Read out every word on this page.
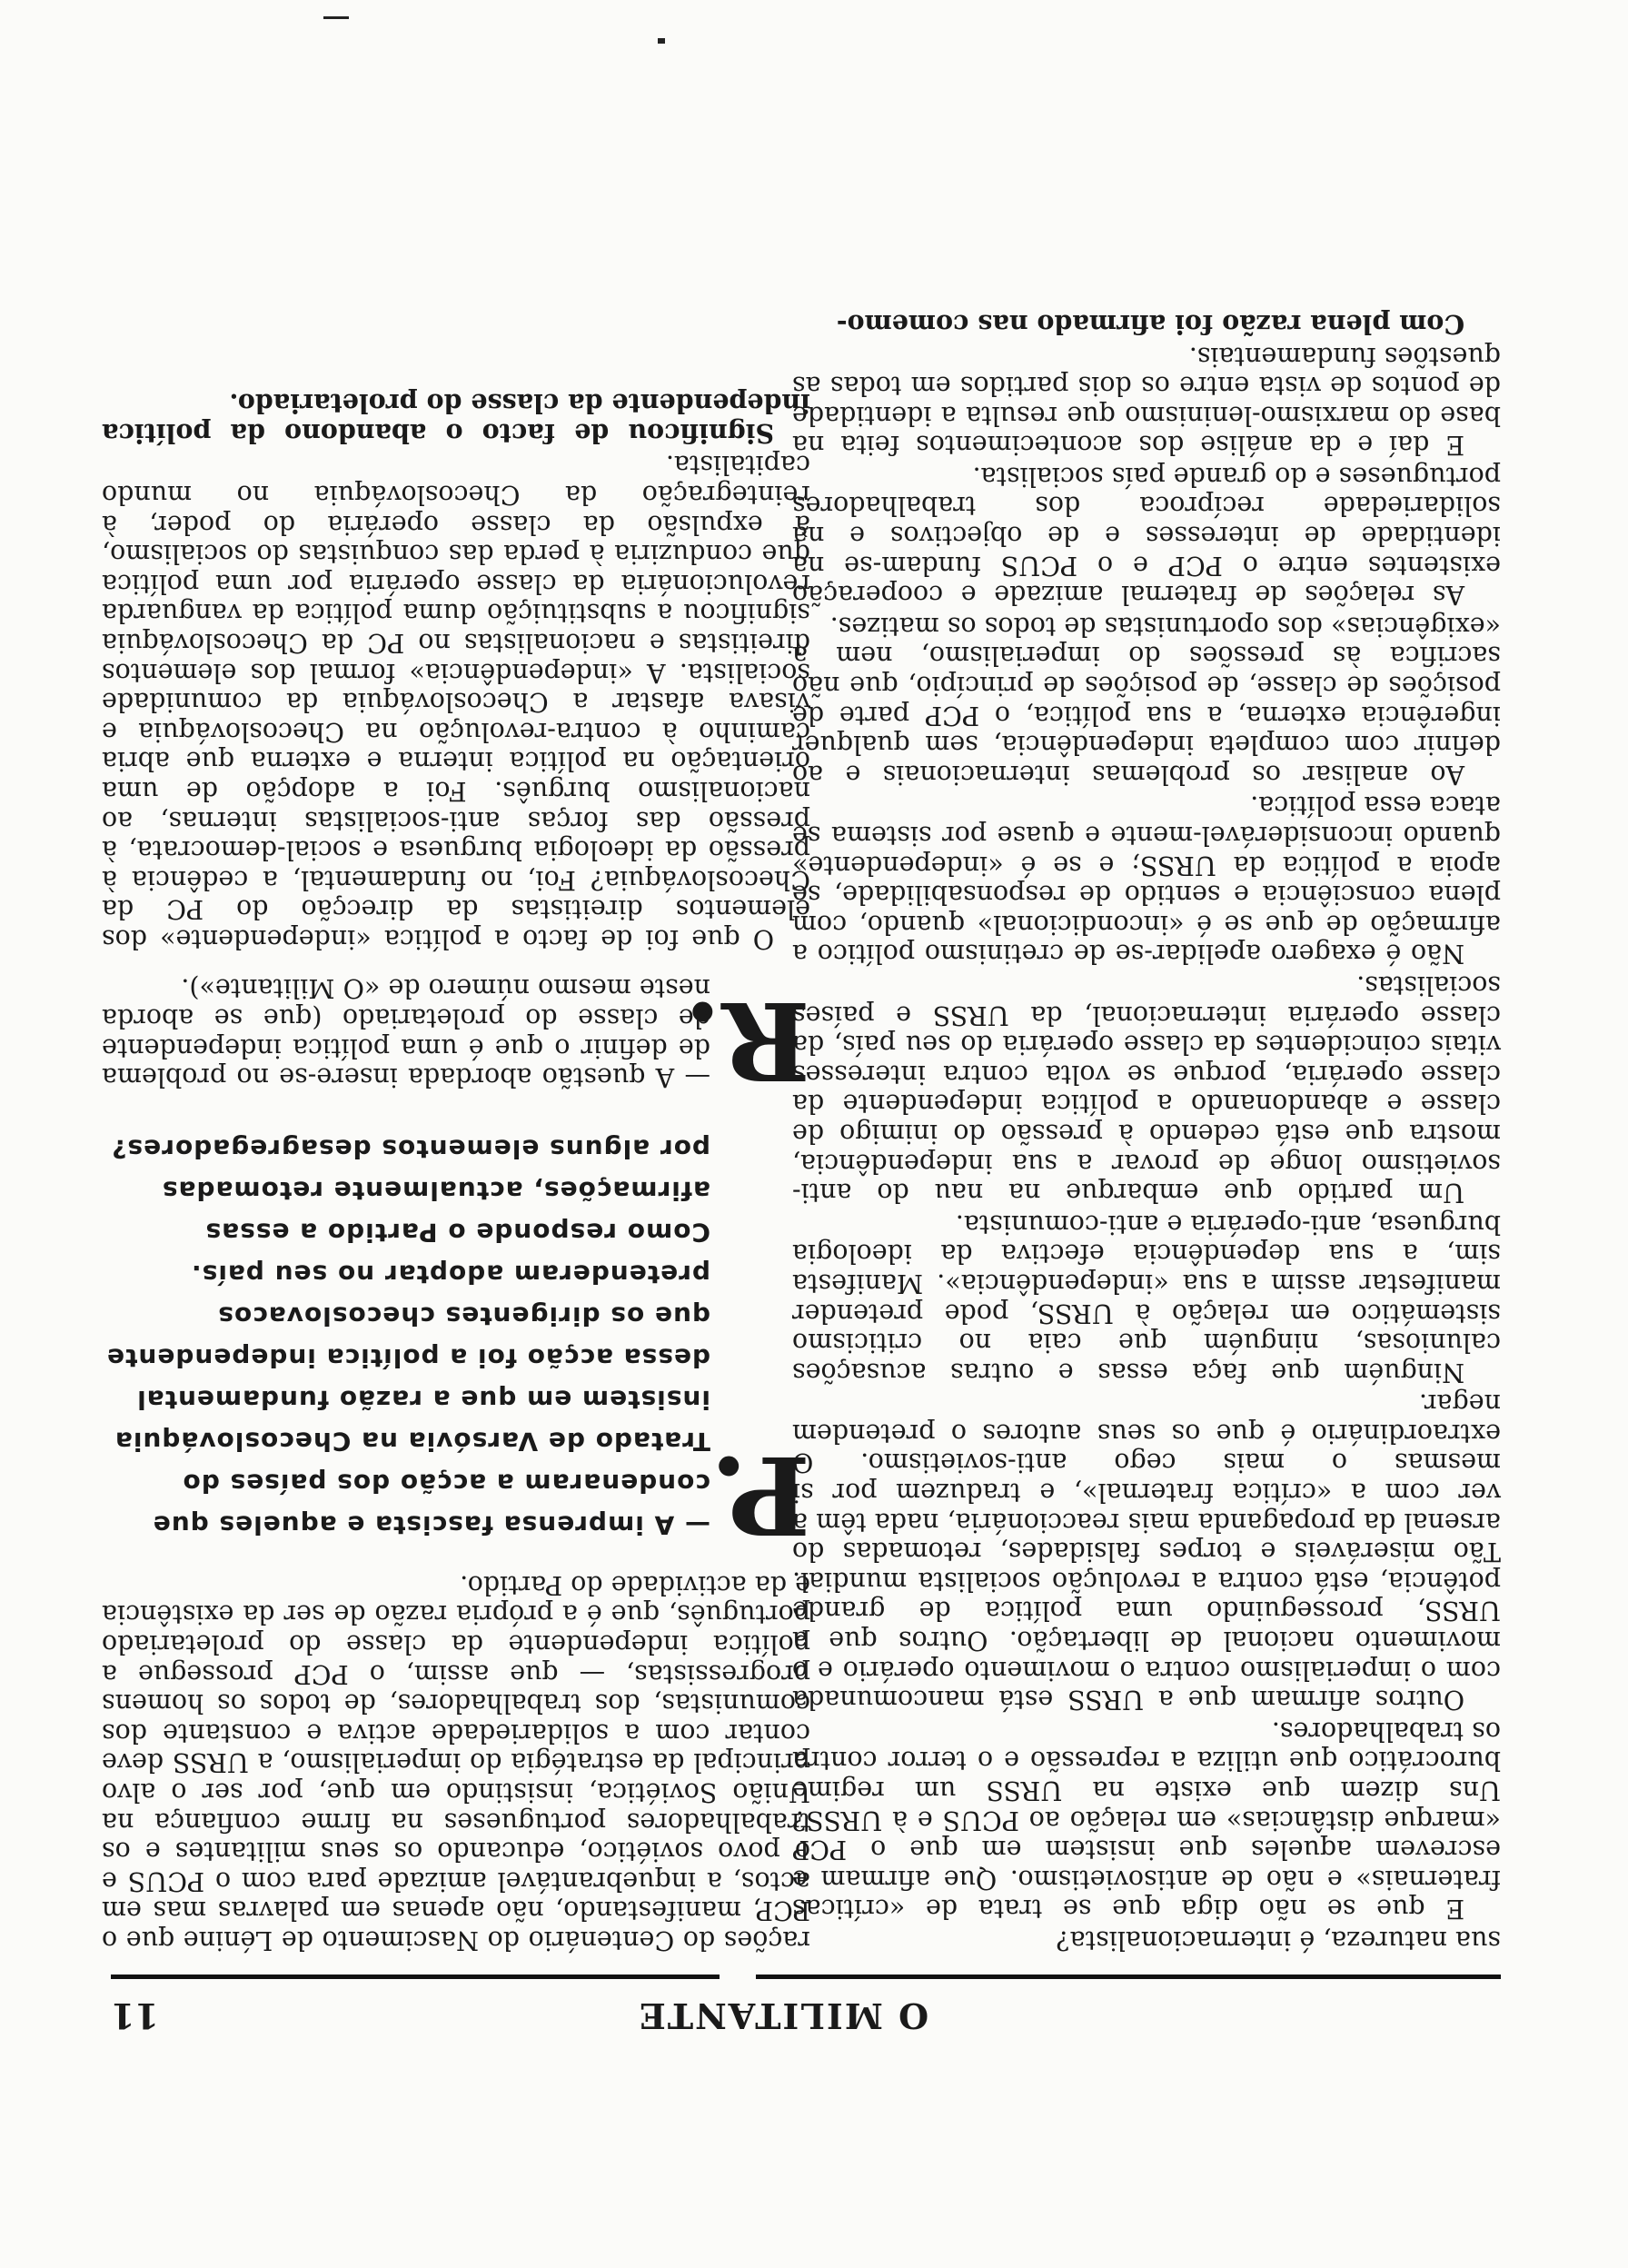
O MILITANTE
11

sua natureza, é internacionalista?

E que se não diga que se trata de «críticas fraternais» e não de antisovietismo. Que afirmam e escrevem aqueles que insistem em que o PCP «marque distâncias» em relação ao PCUS e à URSS? Uns dizem que existe na URSS um regime burocrático que utiliza a repressão e o terror contra os trabalhadores.

Outros afirmam que a URSS está mancomunada com o imperialismo contra o movimento operário e o movimento nacional de libertação. Outros que a URSS, prosseguindo uma política de grande potência, está contra a revolução socialista mundial. Tão miseráveis e torpes falsidades, retomadas do arsenal da propaganda mais reaccionária, nada têm a ver com a «crítica fraternal», e traduzem por si mesmas o mais cego anti-sovietismo. O extraordinário é que os seus autores o pretendem negar.

Ninguém que faça essas e outras acusações caluniosas, ninguém que caia no criticismo sistemático em relação à URSS, pode pretender manifestar assim a sua «independência». Manifesta sim, a sua dependência efectiva da ideologia burguesa, anti-operária e anti-comunista.

Um partido que embarque na nau do anti-sovietismo longe de provar a sua independência, mostra que está cedendo à pressão do inimigo de classe e abandonando a política independente da classe operária, porque se volta contra interesses vitais coincidentes da classe operária do seu país, da classe operária internacional, da URSS e países socialistas.

Não é exagero apelidar-se de cretinismo político a afirmação de que se é «incondicional» quando, com plena consciência e sentido de responsabilidade, se apoia a política da URSS; e se é «independente» quando inconsiderável-mente e quase por sistema se ataca essa política.

Ao analisar os problemas internacionais e ao definir com completa independência, sem qualquer ingerência externa, a sua política, o PCP parte de posições de classe, de posições de princípio, que não sacrifica às pressões do imperialismo, nem a «exigências» dos oportunistas de todos os matizes.

As relações de fraternal amizade e cooperação existentes entre o PCP e o PCUS fundam-se na identidade de interesses e de objectivos e na solidariedade recíproca dos trabalhadores portugueses e do grande país socialista.

E daí e da análise dos acontecimentos feita na base do marxismo-leninismo que resulta a identidade de pontos de vista entre os dois partidos em todas as questões fundamentais.

Com plena razão foi afirmado nas comemo-

rações do Centenário do Nascimento de Lénine que o PCP, manifestando, não apenas em palavras mas em actos, a inquebrantável amizade para com o PCUS e o povo soviético, educando os seus militantes e os trabalhadores portugueses na firme confiança na União Soviética, insistindo em que, por ser o alvo principal da estratégia do imperialismo, a URSS deve contar com a solidariedade activa e constante dos comunistas, dos trabalhadores, de todos os homens progressistas, — que assim, o PCP prossegue a política independente da classe do proletariado português, que é a própria razão de ser da existência e da actividade do Partido.

P.
— A imprensa fascista e aqueles que condenaram a acção dos países do Tratado de Varsóvia na Checoslováquia insistem em que a razão fundamental dessa acção foi a política independente que os dirigentes checoslovacos pretenderam adoptar no seu país. Como responde o Partido a essas afirmações, actualmente retomadas por alguns elementos desagregadores?
R.
— A questão abordada insere-se no problema de definir o que é uma política independente de classe do proletariado (que se aborda neste mesmo número de «O Militante»).

O que foi de facto a política «independente» dos elementos direitistas da direcção do PC da Checoslováquia? Foi, no fundamental, a cedência à pressão da ideologia burguesa e social-democrata, à pressão das forças anti-socialistas internas, ao nacionalismo burguês. Foi a adopção de uma orientação na política interna e externa que abria caminho à contra-revolução na Checoslováquia e visava afastar a Checoslováquia da comunidade socialista. A «independência» formal dos elementos direitistas e nacionalistas no PC da Checoslováquia significou a substituição duma política da vanguarda revolucionária da classe operária por uma política que conduziria à perda das conquistas do socialismo, à expulsão da classe operária do poder, à reintegração da Checoslováquia no mundo capitalista.

Significou de facto o abandono da política independente da classe do proletariado.
